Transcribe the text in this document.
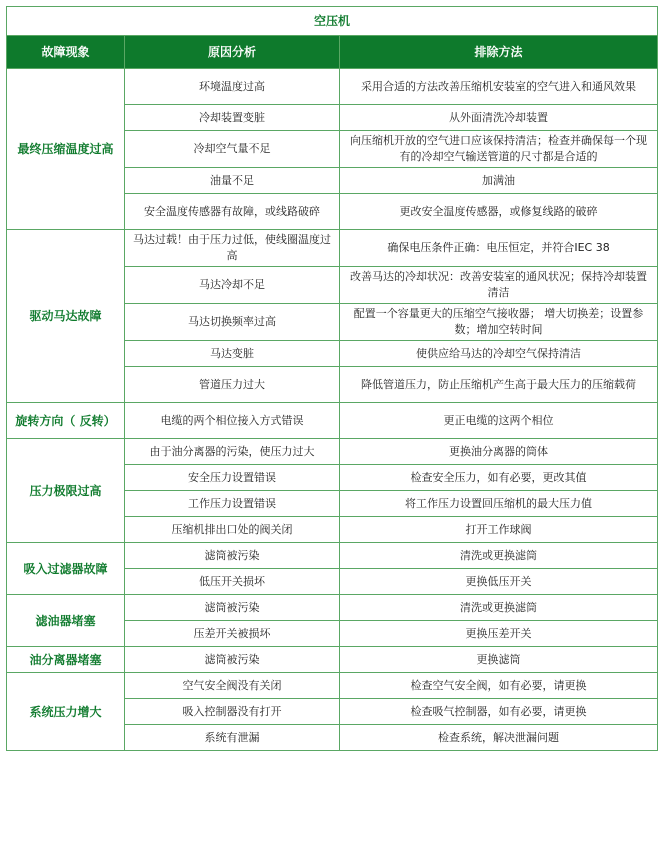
空压机		
故障现象	原因分析	排除方法
最终压缩温度过高	环境温度过高	采用合适的方法改善压缩机安装室的空气进入和通风效果
	冷却装置变脏	从外面清洗冷却装置
	冷却空气量不足	向压缩机开放的空气进口应该保持清洁；检查并确保每一个现有的冷却空气输送管道的尺寸都是合适的
	油量不足	加满油
	安全温度传感器有故障，或线路破碎	更改安全温度传感器，或修复线路的破碎
驱动马达故障	马达过载！由于压力过低，使线圈温度过高	确保电压条件正确：电压恒定，并符合IEC 38
	马达冷却不足	改善马达的冷却状况：改善安装室的通风状况；保持冷却装置清洁
	马达切换频率过高	配置一个容量更大的压缩空气接收器； 增大切换差；设置参数；增加空转时间
	马达变脏	使供应给马达的冷却空气保持清洁
	管道压力过大	降低管道压力，防止压缩机产生高于最大压力的压缩载荷
旋转方向（ 反转）	电缆的两个相位接入方式错误	更正电缆的这两个相位
压力极限过高	由于油分离器的污染，使压力过大	更换油分离器的筒体
	安全压力设置错误	检查安全压力，如有必要，更改其值
	工作压力设置错误	将工作压力设置回压缩机的最大压力值
	压缩机排出口处的阀关闭	打开工作球阀
吸入过滤器故障	滤筒被污染	清洗或更换滤筒
	低压开关损坏	更换低压开关
滤油器堵塞	滤筒被污染	清洗或更换滤筒
	压差开关被损坏	更换压差开关
油分离器堵塞	滤筒被污染	更换滤筒
系统压力增大	空气安全阀没有关闭	检查空气安全阀，如有必要，请更换
	吸入控制器没有打开	检查吸气控制器，如有必要，请更换
	系统有泄漏	检查系统，解决泄漏问题
